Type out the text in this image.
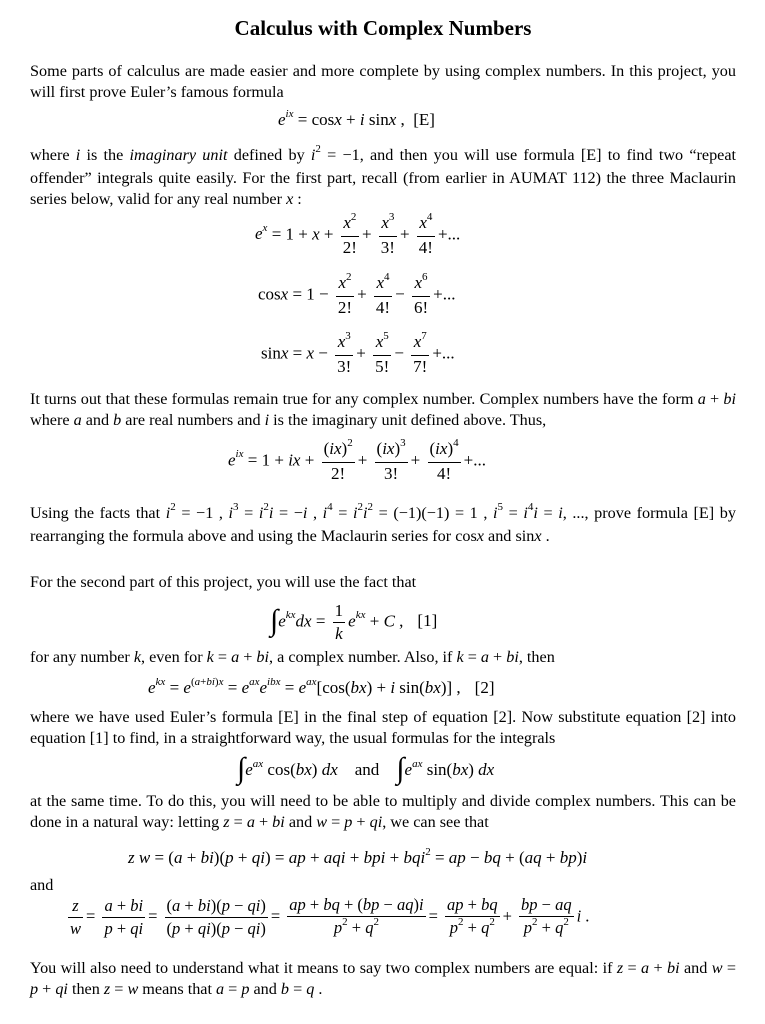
Calculus with Complex Numbers

Some parts of calculus are made easier and more complete by using complex numbers. In this project, you will first prove Euler’s famous formula

$e^{ix} = \cos x + i$ sinx ,  [E]

where i is the imaginary unit defined by $i^2 = -1$, and then you will use formula [E] to find two “repeat offender” integrals quite easily. For the first part, recall (from earlier in AUMAT 112) the three Maclaurin series below, valid for any real number x :

$e^x = 1 + x + \frac{x^2}{2!} + \frac{x^3}{3!} + \frac{x^4}{4!}$ +...
$\cos x = 1 - \frac{x^2}{2!} + \frac{x^4}{4!} - \frac{x^6}{6!}$ +...
$\sin x = x - \frac{x^3}{3!} + \frac{x^5}{5!} - \frac{x^7}{7!}$ +...

It turns out that these formulas remain true for any complex number. Complex numbers have the form a + bi where a and b are real numbers and i is the imaginary unit defined above. Thus,

$e^{ix} = 1$ + ix + $\frac{(ix)^2}{2!} + \frac{(ix)^3}{3!} + \frac{(ix)^4}{4!}$ +...

Using the facts that $i^2 = -1$ , $i^3 = i^2i = -i$ , $i^4 = i^2i^2 = (-1)(-1) = 1$ , $i^5 = i^4i = i$, ..., prove formula [E] by rearranging the formula above and using the Maclaurin series for cosx and sinx .

For the second part of this project, you will use the fact that

$\int e^{kx}dx = \frac{1}{k} e^{kx} + C$ , [1]

for any number k, even for k = a + bi, a complex number. Also, if k = a + bi, then

$e^{kx} = e^{(a+bi)x} = e^{ax}e^{ibx} = e^{ax}[\cos(bx) + i$ sin(bx)] , [2]

where we have used Euler’s formula [E] in the final step of equation [2]. Now substitute equation [2] into equation [1] to find, in a straightforward way, the usual formulas for the integrals

$\int e^{ax}$ cos(bx) dx and $\int e^{ax}$ sin(bx) dx

at the same time. To do this, you will need to be able to multiply and divide complex numbers. This can be done in a natural way: letting z = a + bi and w = p + qi, we can see that

z w = (a + bi)(p + qi) = ap + aqi + bpi + bqi$^2$ = ap − bq + (aq + bp)i

and

$\frac{z}{w} = \frac{a + bi}{p + qi} = \frac{(a + bi)(p - qi)}{(p + qi)(p - qi)} = \frac{ap + bq + (bp - aq)i}{p^2 + q^2} = \frac{ap + bq}{p^2 + q^2} + \frac{bp - aq}{p^2 + q^2}$ i .

You will also need to understand what it means to say two complex numbers are equal: if z = a + bi and w = p + qi then z = w means that a = p and b = q .
